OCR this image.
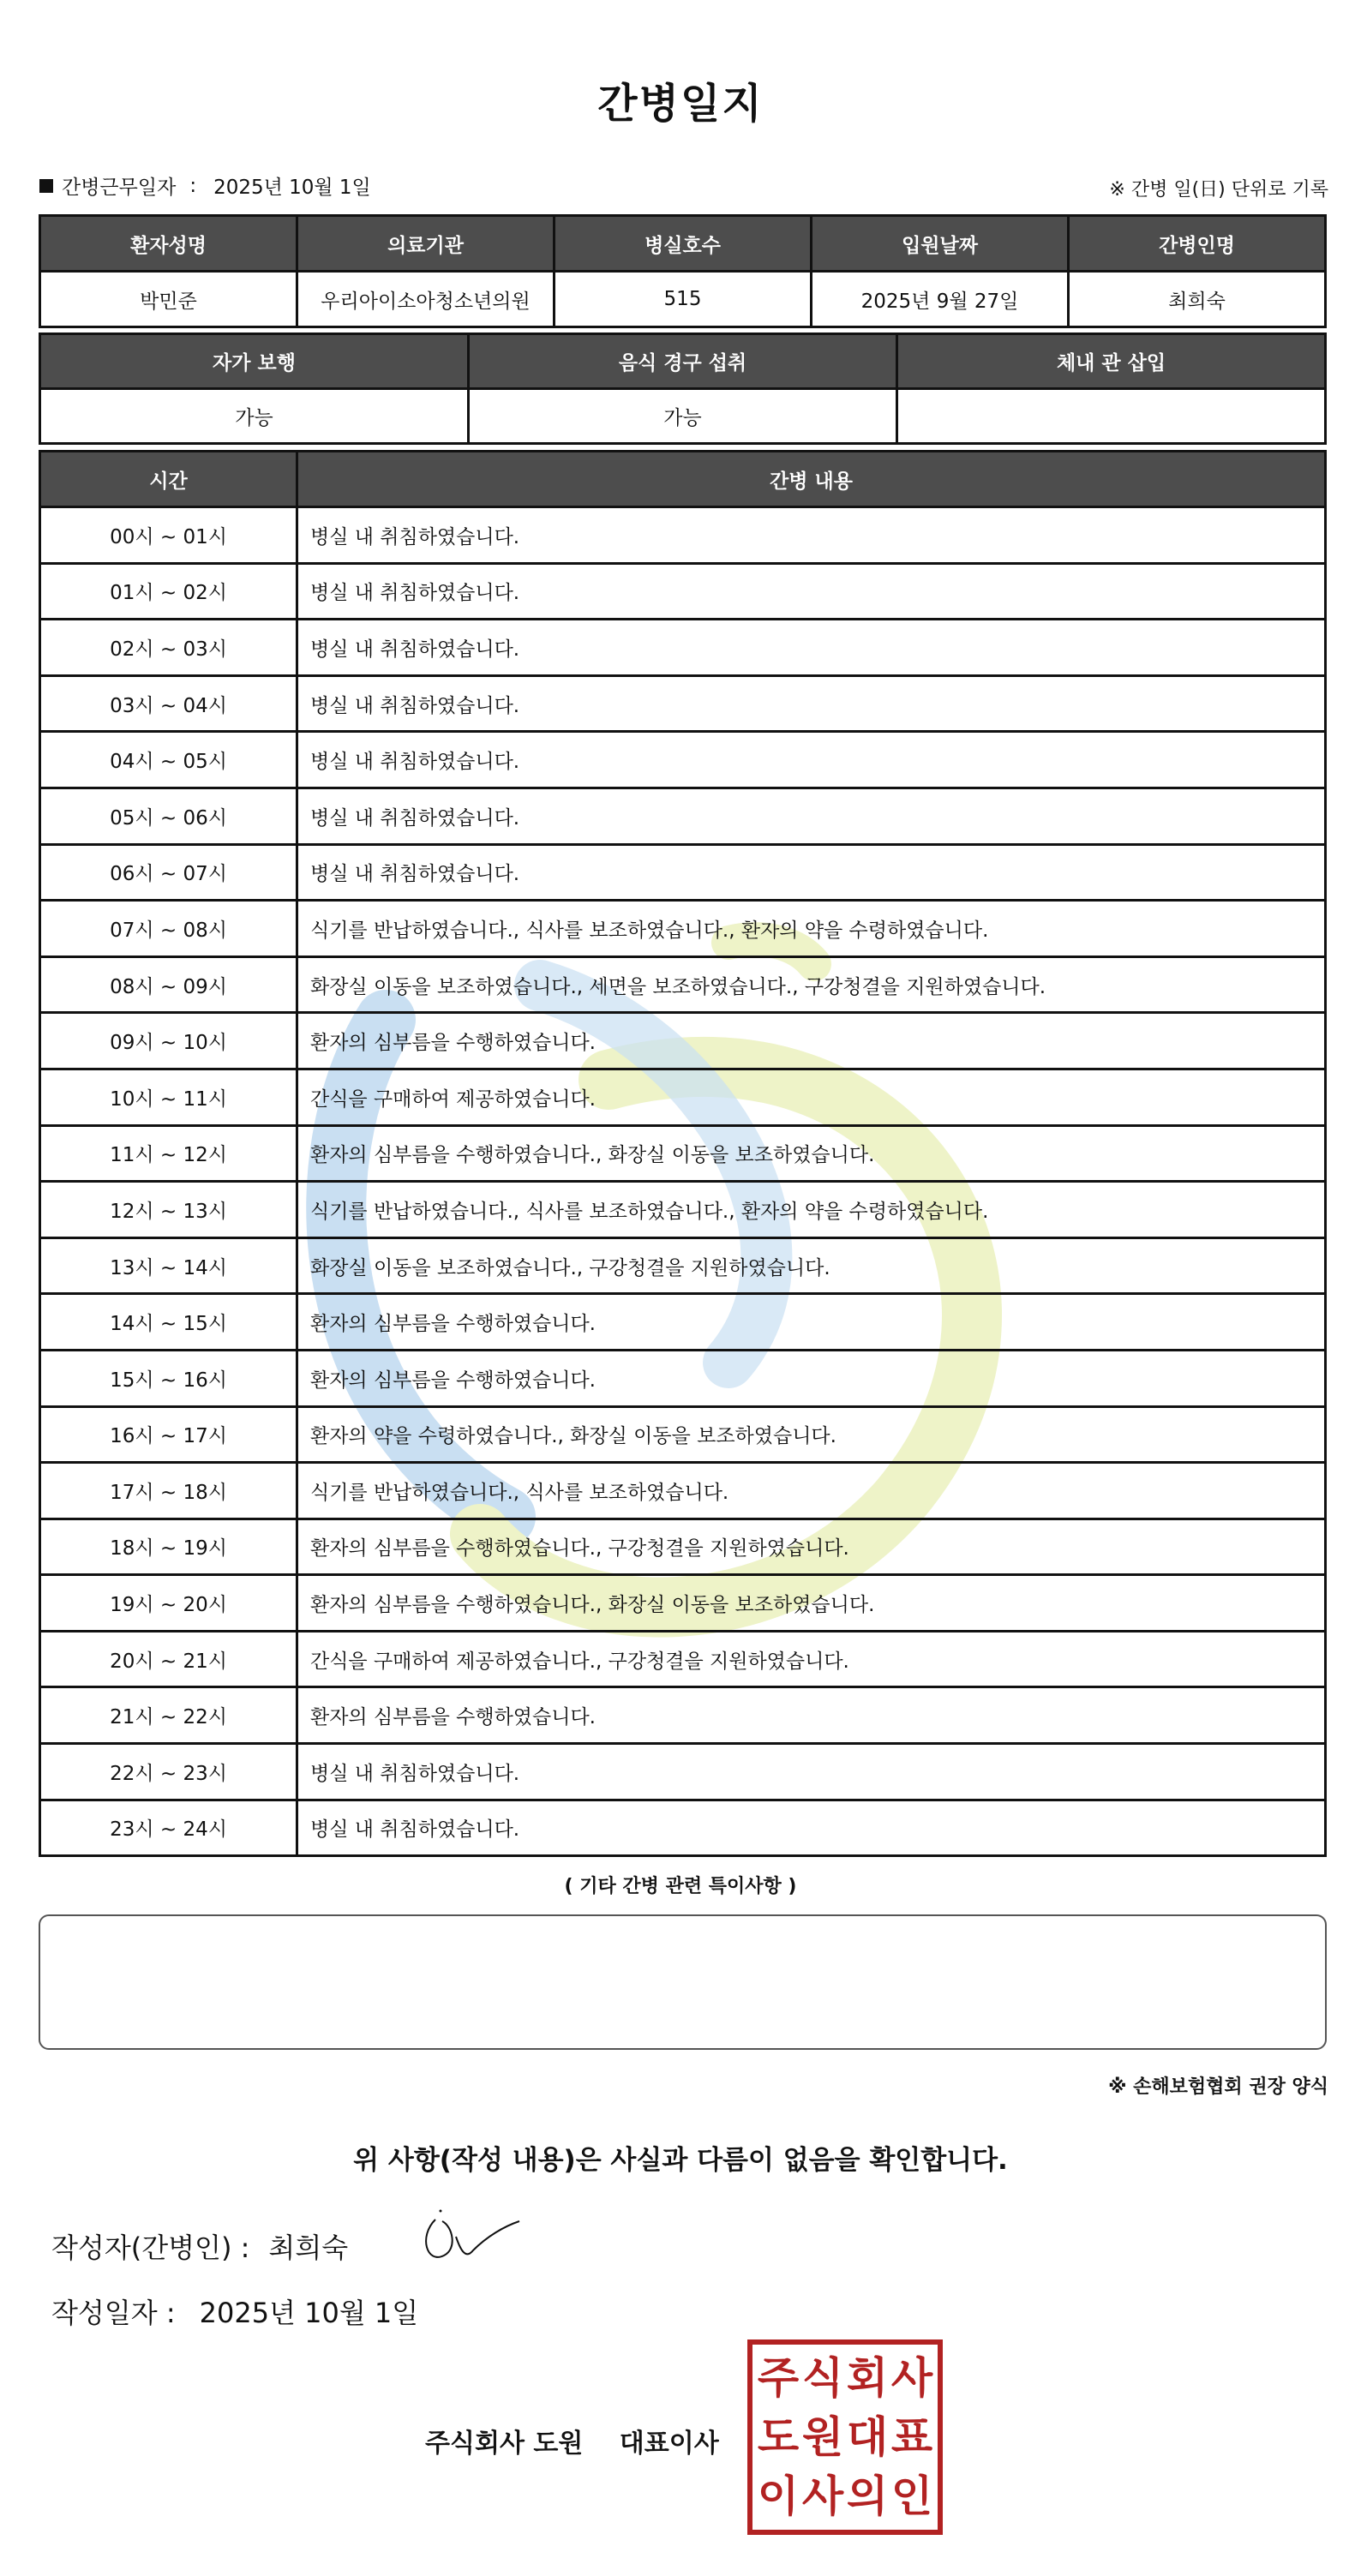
간병일지
간병근무일자 : 2025년 10월 1일	※ 간병 일(日) 단위로 기록
환자성명	의료기관	병실호수	입원날짜	간병인명
박민준	우리아이소아청소년의원	515	2025년 9월 27일	최희숙
자가 보행	음식 경구 섭취	체내 관 삽입
가능	가능	
시간	간병 내용
00시 ~ 01시	병실 내 취침하였습니다.
01시 ~ 02시	병실 내 취침하였습니다.
02시 ~ 03시	병실 내 취침하였습니다.
03시 ~ 04시	병실 내 취침하였습니다.
04시 ~ 05시	병실 내 취침하였습니다.
05시 ~ 06시	병실 내 취침하였습니다.
06시 ~ 07시	병실 내 취침하였습니다.
07시 ~ 08시	식기를 반납하였습니다., 식사를 보조하였습니다., 환자의 약을 수령하였습니다.
08시 ~ 09시	화장실 이동을 보조하였습니다., 세면을 보조하였습니다., 구강청결을 지원하였습니다.
09시 ~ 10시	환자의 심부름을 수행하였습니다.
10시 ~ 11시	간식을 구매하여 제공하였습니다.
11시 ~ 12시	환자의 심부름을 수행하였습니다., 화장실 이동을 보조하였습니다.
12시 ~ 13시	식기를 반납하였습니다., 식사를 보조하였습니다., 환자의 약을 수령하였습니다.
13시 ~ 14시	화장실 이동을 보조하였습니다., 구강청결을 지원하였습니다.
14시 ~ 15시	환자의 심부름을 수행하였습니다.
15시 ~ 16시	환자의 심부름을 수행하였습니다.
16시 ~ 17시	환자의 약을 수령하였습니다., 화장실 이동을 보조하였습니다.
17시 ~ 18시	식기를 반납하였습니다., 식사를 보조하였습니다.
18시 ~ 19시	환자의 심부름을 수행하였습니다., 구강청결을 지원하였습니다.
19시 ~ 20시	환자의 심부름을 수행하였습니다., 화장실 이동을 보조하였습니다.
20시 ~ 21시	간식을 구매하여 제공하였습니다., 구강청결을 지원하였습니다.
21시 ~ 22시	환자의 심부름을 수행하였습니다.
22시 ~ 23시	병실 내 취침하였습니다.
23시 ~ 24시	병실 내 취침하였습니다.
( 기타 간병 관련 특이사항 )
※ 손해보험협회 권장 양식
위 사항(작성 내용)은 사실과 다름이 없음을 확인합니다.
작성자(간병인) : 최희숙
작성일자 : 2025년 10월 1일
주식회사 도원 대표이사
주 식 회 사
도 원 대 표
이 사 의 인
